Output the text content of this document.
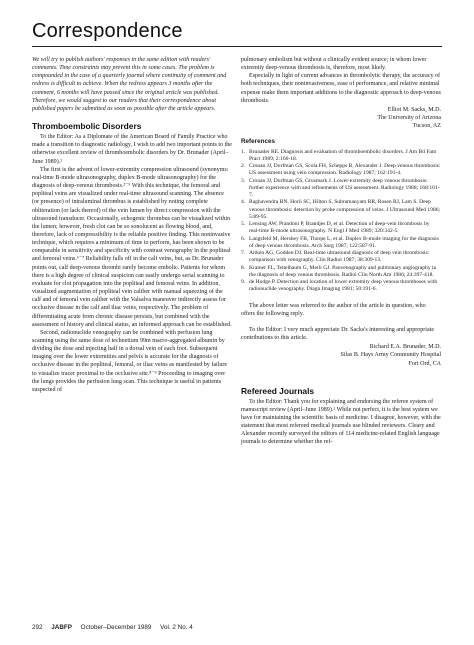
Correspondence

We will try to publish authors' responses in the same edition with readers' comments. Time constraints may prevent this in some cases. The problem is compounded in the case of a quarterly journal where continuity of comment and redress is difficult to achieve. When the redress appears 3 months after the comment, 6 months will have passed since the original article was published. Therefore, we would suggest to our readers that their correspondence about published papers be submitted as soon as possible after the article appears.

Thromboembolic Disorders

To the Editor: As a Diplomate of the American Board of Family Practice who made a transition to diagnostic radiology, I wish to add two important points to the otherwise excellent review of thromboembolic disorders by Dr. Brunader (April–June 1989).¹

The first is the advent of lower-extremity compression ultrasound (synonyms: real-time B-mode ultrasonography, duplex B-mode ultrasonography) for the diagnosis of deep-venous thrombosis.²⁻⁵ With this technique, the femoral and popliteal veins are visualized under real-time ultrasound scanning. The absence (or presence) of intraluminal thrombus is established by noting complete obliteration (or lack thereof) of the vein lumen by direct compression with the ultrasound transducer. Occasionally, echogenic thrombus can be visualized within the lumen; however, fresh clot can be so sonolucent as flowing blood, and, therefore, lack of compressibility is the reliable positive finding. This noninvasive technique, which requires a minimum of time to perform, has been shown to be comparable in sensitivity and specificity with contrast venography in the popliteal and femoral veins.⁶⁻⁷ Reliability falls off in the calf veins, but, as Dr. Brunader points out, calf deep-venous thrombi rarely become embolic. Patients for whom there is a high degree of clinical suspicion can easily undergo serial scanning to evaluate for clot propagation into the popliteal and femoral veins. In addition, visualized augmentation of popliteal vein caliber with manual squeezing of the calf and of femoral vein caliber with the Valsalva maneuver indirectly assess for occlusive disease in the calf and iliac veins, respectively. The problem of differentiating acute from chronic disease persists, but combined with the assessment of history and clinical status, an informed approach can be established.

Second, radionuclide venography can be combined with perfusion lung scanning using the same dose of technetium 99m macro-aggregated albumin by dividing the dose and injecting half in a dorsal vein of each foot. Subsequent imaging over the lower extremities and pelvis is accurate for the diagnosis of occlusive disease in the popliteal, femoral, or iliac veins as manifested by failure to visualize tracer proximal to the occlusive site.⁸⁻⁹ Proceeding to imaging over the lungs provides the perfusion lung scan. This technique is useful in patients suspected of

pulmonary embolism but without a clinically evident source; in whom lower extremity deep-venous thrombosis is, therefore, most likely.

Especially in light of current advances in thrombolytic therapy, the accuracy of both techniques, their noninvasiveness, ease of performance, and relative minimal expense make them important additions to the diagnostic approach to deep-venous thrombosis.

Elliot M. Sacks, M.D.
The University of Arizona
Tucson, AZ
References
1. Brunader RE. Diagnosis and evaluation of thromboembolic disorders. J Am Bd Fam Pract 1989; 2:166-18.
2. Cronan JJ, Dorfman GS, Scola FH, Schepps B, Alexander J. Deep venous thrombosis: US assessment using vein compression. Radiology 1987; 162:191-4.
3. Cronan JJ, Dorfman GS, Grusmark J. Lower-extremity deep venous thrombosis: further experience with and refinements of US assessment. Radiology 1988; 168:101-7.
4. Raghavendra BN, Horii SC, Hilton S, Subramanyam BR, Rosen RJ, Lam S. Deep venous thrombosis: detection by probe compression of veins. J Ultrasound Med 1986; 5:89-95.
5. Lensing AW, Prandoni P, Brandjes D, et al. Detection of deep-vein thrombosis by real-time B-mode ultrasonography. N Engl J Med 1989; 320:342-5.
6. Langsfeld M, Hershey FB, Thorpe L, et al. Duplex B-mode imaging for the diagnosis of deep venous thrombosis. Arch Surg 1987; 122:587-91.
7. Aitken AG, Godden DJ. Real-time ultrasound diagnosis of deep vein thrombosis: comparison with venography. Clin Radiol 1987; 38:309-13.
8. Kramer FL, Teitelbaum G, Merli GJ. Panvenography and pulmonary angiography in the diagnosis of deep venous thrombosis. Radiol Clin North Am 1986; 24:397-418.
9. de Hodge P. Detection and location of lower extremity deep venous thromboses with radionuclide venography. Diagn Imaging 1981; 50:191-6.

The above letter was referred to the author of the article in question, who offers the following reply.

To the Editor: I very much appreciate Dr. Sacks's interesting and appropriate contributions to this article.

Richard E.A. Brunader, M.D.
Silas B. Hays Army Community Hospital
Fort Ord, CA
Refereed Journals

To the Editor: Thank you for explaining and endorsing the referee system of manuscript review (April–June 1989).¹ While not perfect, it is the best system we have for maintaining the scientific basis of medicine. I disagree, however, with the statement that most refereed medical journals use blinded reviewers. Cleary and Alexander recently surveyed the editors of 114 medicine-related English language journals to determine whether the ref-

292 JABFP October–December 1989 Vol. 2 No. 4
